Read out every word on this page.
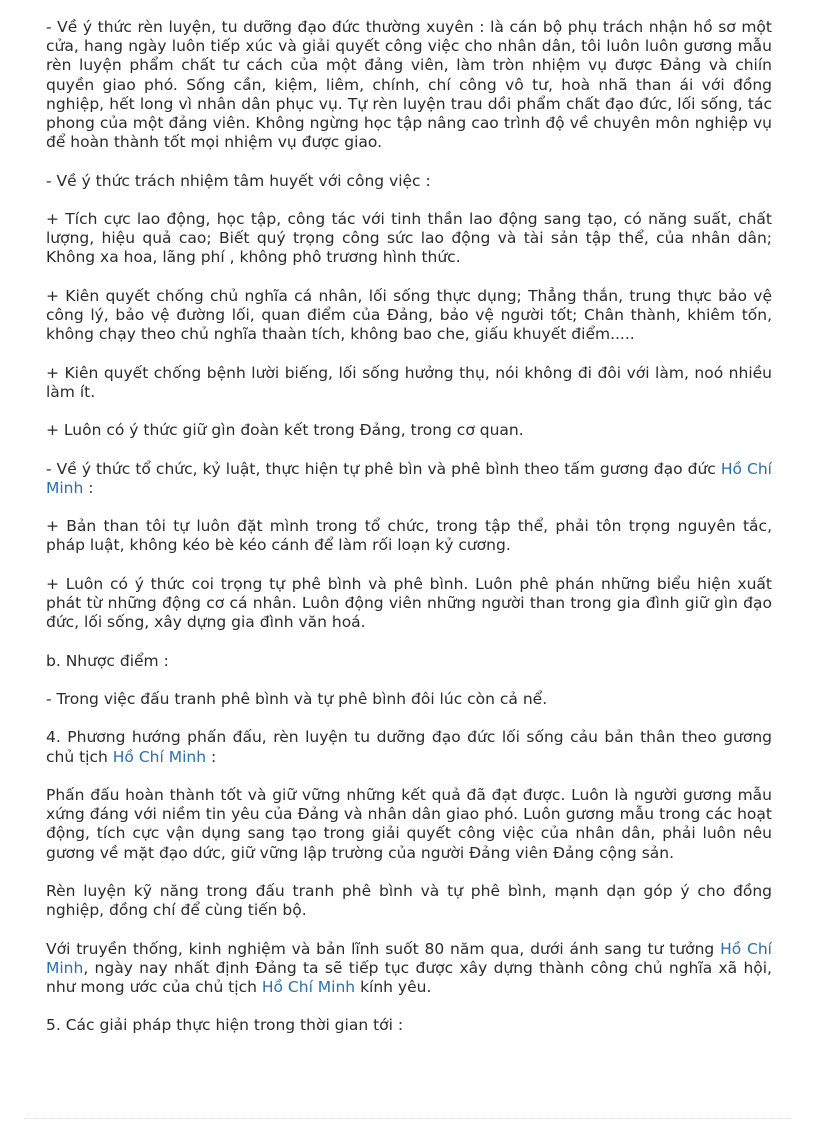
- Về ý thức rèn luyện, tu dưỡng đạo đức thường xuyên : là cán bộ phụ trách nhận hồ sơ một cửa, hang ngày luôn tiếp xúc và giải quyết công việc cho nhân dân, tôi luôn luôn gương mẫu rèn luyện phẩm chất tư cách của một đảng viên, làm tròn nhiệm vụ được Đảng và chiín quyền giao phó. Sống cần, kiệm, liêm, chính, chí công vô tư, hoà nhã than ái với đồng nghiệp, hết long vì nhân dân phục vụ. Tự rèn luyện trau dồi phẩm chất đạo đức, lối sống, tác phong của một đảng viên. Không ngừng học tập nâng cao trình độ về chuyên môn nghiệp vụ để hoàn thành tốt mọi nhiệm vụ được giao.

- Về ý thức trách nhiệm tâm huyết với công việc :

+ Tích cực lao động, học tập, công tác với tinh thần lao động sang tạo, có năng suất, chất lượng, hiệu quả cao; Biết quý trọng công sức lao động và tài sản tập thể, của nhân dân; Không xa hoa, lãng phí , không phô trương hình thức.

+ Kiên quyết chống chủ nghĩa cá nhân, lối sống thực dụng; Thẳng thắn, trung thực bảo vệ công lý, bảo vệ đường lối, quan điểm của Đảng, bảo vệ người tốt; Chân thành, khiêm tốn, không chạy theo chủ nghĩa thaàn tích, không bao che, giấu khuyết điểm.....

+ Kiên quyết chống bệnh lười biếng, lối sống hưởng thụ, nói không đi đôi với làm, noó nhiều làm ít.

+ Luôn có ý thức giữ gìn đoàn kết trong Đảng, trong cơ quan.

- Về ý thức tổ chức, kỷ luật, thực hiện tự phê bìn và phê bình theo tấm gương đạo đức Hồ Chí Minh :

+ Bản than tôi tự luôn đặt mình trong tổ chức, trong tập thể, phải tôn trọng nguyên tắc, pháp luật, không kéo bè kéo cánh để làm rối loạn kỷ cương.

+ Luôn có ý thức coi trọng tự phê bình và phê bình. Luôn phê phán những biểu hiện xuất phát từ những động cơ cá nhân. Luôn động viên những người than trong gia đình giữ gìn đạo đức, lối sống, xây dựng gia đình văn hoá.

b. Nhược điểm :

- Trong việc đấu tranh phê bình và tự phê bình đôi lúc còn cả nể.

4. Phương hướng phấn đấu, rèn luyện tu dưỡng đạo đức lối sống cảu bản thân theo gương chủ tịch Hồ Chí Minh :

Phấn đấu hoàn thành tốt và giữ vững những kết quả đã đạt được. Luôn là người gương mẫu xứng đáng với niềm tin yêu của Đảng và nhân dân giao phó. Luôn gương mẫu trong các hoạt động, tích cực vận dụng sang tạo trong giải quyết công việc của nhân dân, phải luôn nêu gương về mặt đạo dức, giữ vững lập trường của người Đảng viên Đảng cộng sản.

Rèn luyện kỹ năng trong đấu tranh phê bình và tự phê bình, mạnh dạn góp ý cho đồng nghiệp, đồng chí để cùng tiến bộ.

Với truyền thống, kinh nghiệm và bản lĩnh suốt 80 năm qua, dưới ánh sang tư tưởng Hồ Chí Minh, ngày nay nhất định Đảng ta sẽ tiếp tục được xây dựng thành công chủ nghĩa xã hội, như mong ước của chủ tịch Hồ Chí Minh kính yêu.

5. Các giải pháp thực hiện trong thời gian tới :
